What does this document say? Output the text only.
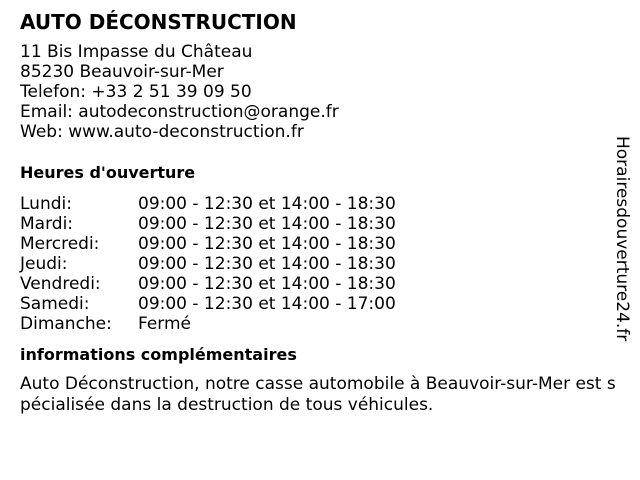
AUTO DÉCONSTRUCTION
11 Bis Impasse du Château
85230 Beauvoir-sur-Mer
Telefon: +33 2 51 39 09 50
Email: autodeconstruction@orange.fr
Web: www.auto-deconstruction.fr
Heures d'ouverture
Lundi:	09:00 - 12:30 et 14:00 - 18:30
Mardi:	09:00 - 12:30 et 14:00 - 18:30
Mercredi:	09:00 - 12:30 et 14:00 - 18:30
Jeudi:	09:00 - 12:30 et 14:00 - 18:30
Vendredi:	09:00 - 12:30 et 14:00 - 18:30
Samedi:	09:00 - 12:30 et 14:00 - 17:00
Dimanche:	Fermé
informations complémentaires
Auto Déconstruction, notre casse automobile à Beauvoir-sur-Mer est s
pécialisée dans la destruction de tous véhicules.
Horairesdouverture24.fr
